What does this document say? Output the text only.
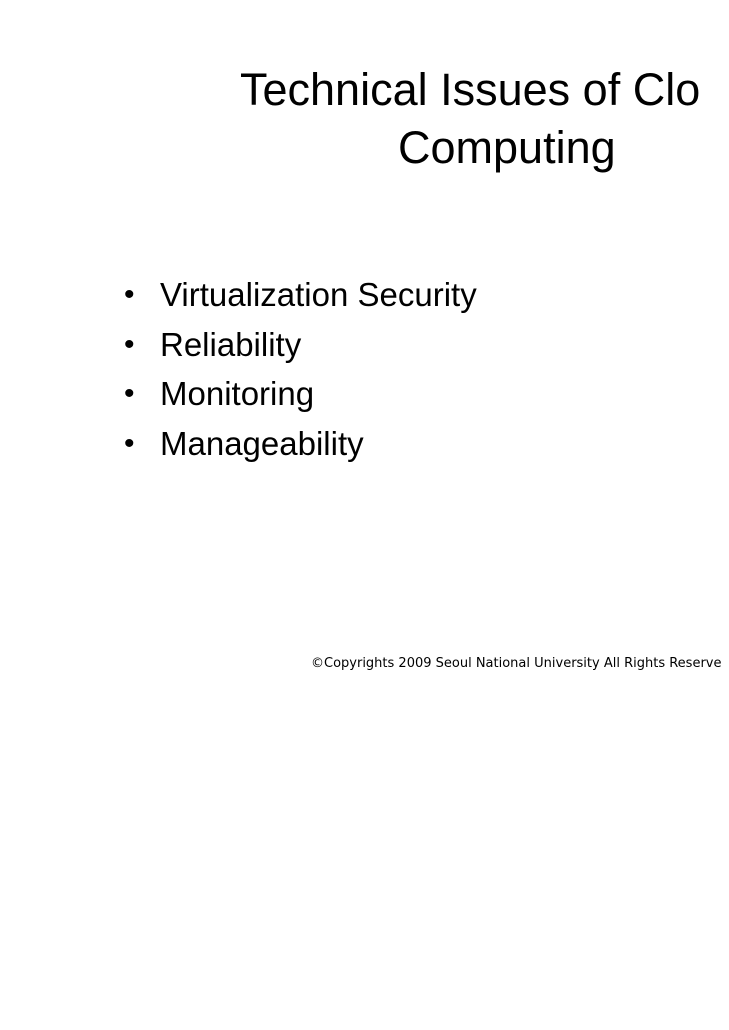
Technical Issues of Clo
Computing
• Virtualization Security
• Reliability
• Monitoring
• Manageability
©Copyrights 2009 Seoul National University All Rights Reserve
